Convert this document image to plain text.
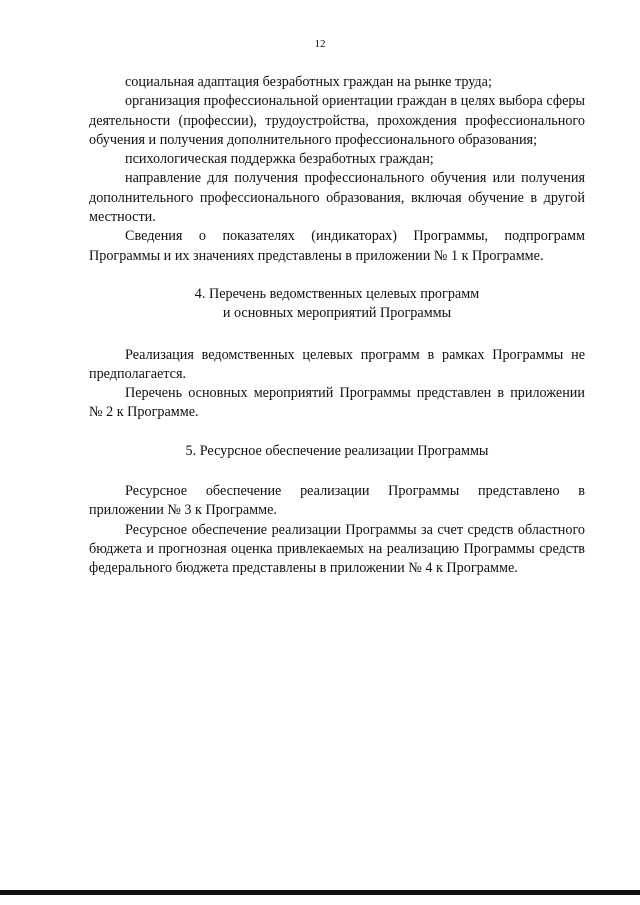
12

социальная адаптация безработных граждан на рынке труда;

организация профессиональной ориентации граждан в целях выбора сферы деятельности (профессии), трудоустройства, прохождения профессионального обучения и получения дополнительного профессионального образования;

психологическая поддержка безработных граждан;

направление для получения профессионального обучения или получения дополнительного профессионального образования, включая обучение в другой местности.

Сведения о показателях (индикаторах) Программы, подпрограмм Программы и их значениях представлены в приложении № 1 к Программе.

4. Перечень ведомственных целевых программ
и основных мероприятий Программы

Реализация ведомственных целевых программ в рамках Программы не предполагается.

Перечень основных мероприятий Программы представлен в приложении № 2 к Программе.

5. Ресурсное обеспечение реализации Программы

Ресурсное обеспечение реализации Программы представлено в приложении № 3 к Программе.

Ресурсное обеспечение реализации Программы за счет средств областного бюджета и прогнозная оценка привлекаемых на реализацию Программы средств федерального бюджета представлены в приложении № 4 к Программе.
